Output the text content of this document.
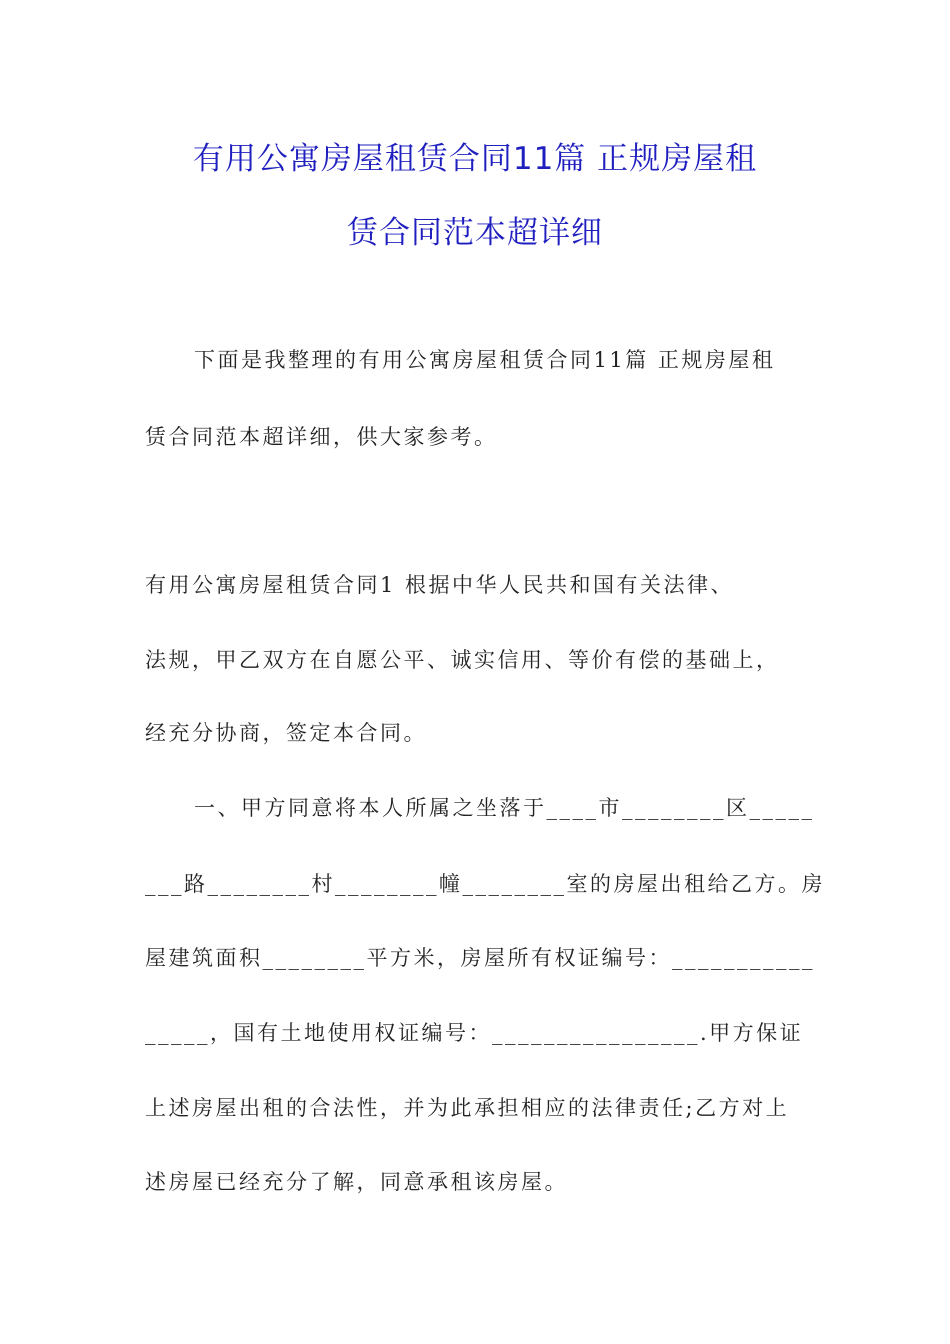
有用公寓房屋租赁合同11篇 正规房屋租
赁合同范本超详细
下面是我整理的有用公寓房屋租赁合同11篇 正规房屋租
赁合同范本超详细，供大家参考。
有用公寓房屋租赁合同1 根据中华人民共和国有关法律、
法规，甲乙双方在自愿公平、诚实信用、等价有偿的基础上，
经充分协商，签定本合同。
一、甲方同意将本人所属之坐落于____市________区_____
___路________村________幢________室的房屋出租给乙方。房
屋建筑面积________平方米，房屋所有权证编号：___________
_____，国有土地使用权证编号：________________.甲方保证
上述房屋出租的合法性，并为此承担相应的法律责任;乙方对上
述房屋已经充分了解，同意承租该房屋。
